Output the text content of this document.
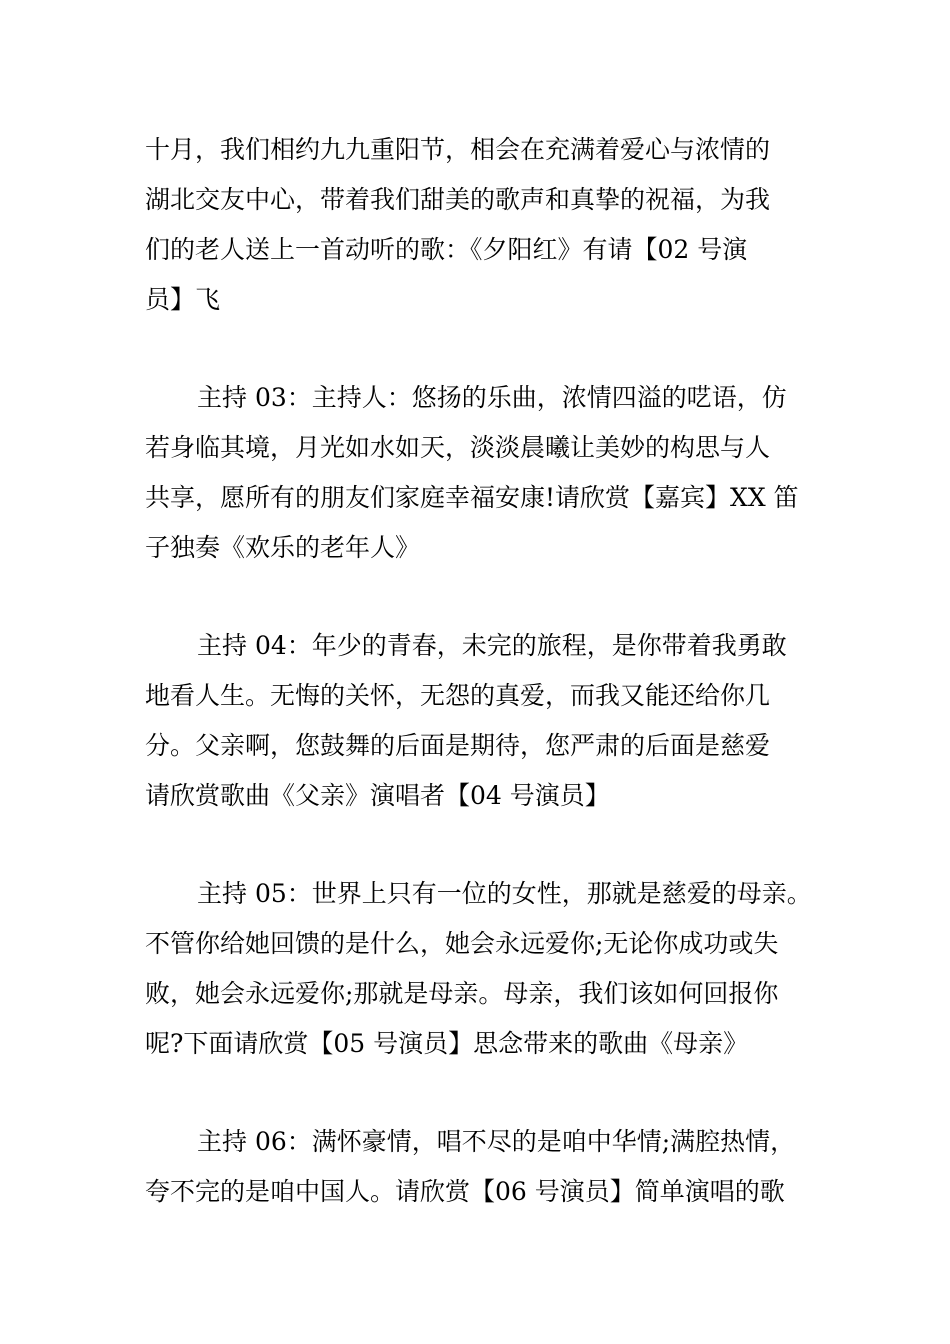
十月，我们相约九九重阳节，相会在充满着爱心与浓情的

湖北交友中心，带着我们甜美的歌声和真挚的祝福，为我

们的老人送上一首动听的歌：《夕阳红》有请【02 号演

员】飞

主持 03：主持人：悠扬的乐曲，浓情四溢的呓语，仿

若身临其境，月光如水如天，淡淡晨曦让美妙的构思与人

共享，愿所有的朋友们家庭幸福安康!请欣赏【嘉宾】XX 笛

子独奏《欢乐的老年人》

主持 04：年少的青春，未完的旅程，是你带着我勇敢

地看人生。无悔的关怀，无怨的真爱，而我又能还给你几

分。父亲啊，您鼓舞的后面是期待，您严肃的后面是慈爱

请欣赏歌曲《父亲》演唱者【04 号演员】

主持 05：世界上只有一位的女性，那就是慈爱的母亲。

不管你给她回馈的是什么，她会永远爱你;无论你成功或失

败，她会永远爱你;那就是母亲。母亲，我们该如何回报你

呢?下面请欣赏【05 号演员】思念带来的歌曲《母亲》

主持 06：满怀豪情，唱不尽的是咱中华情;满腔热情，

夸不完的是咱中国人。请欣赏【06 号演员】简单演唱的歌
